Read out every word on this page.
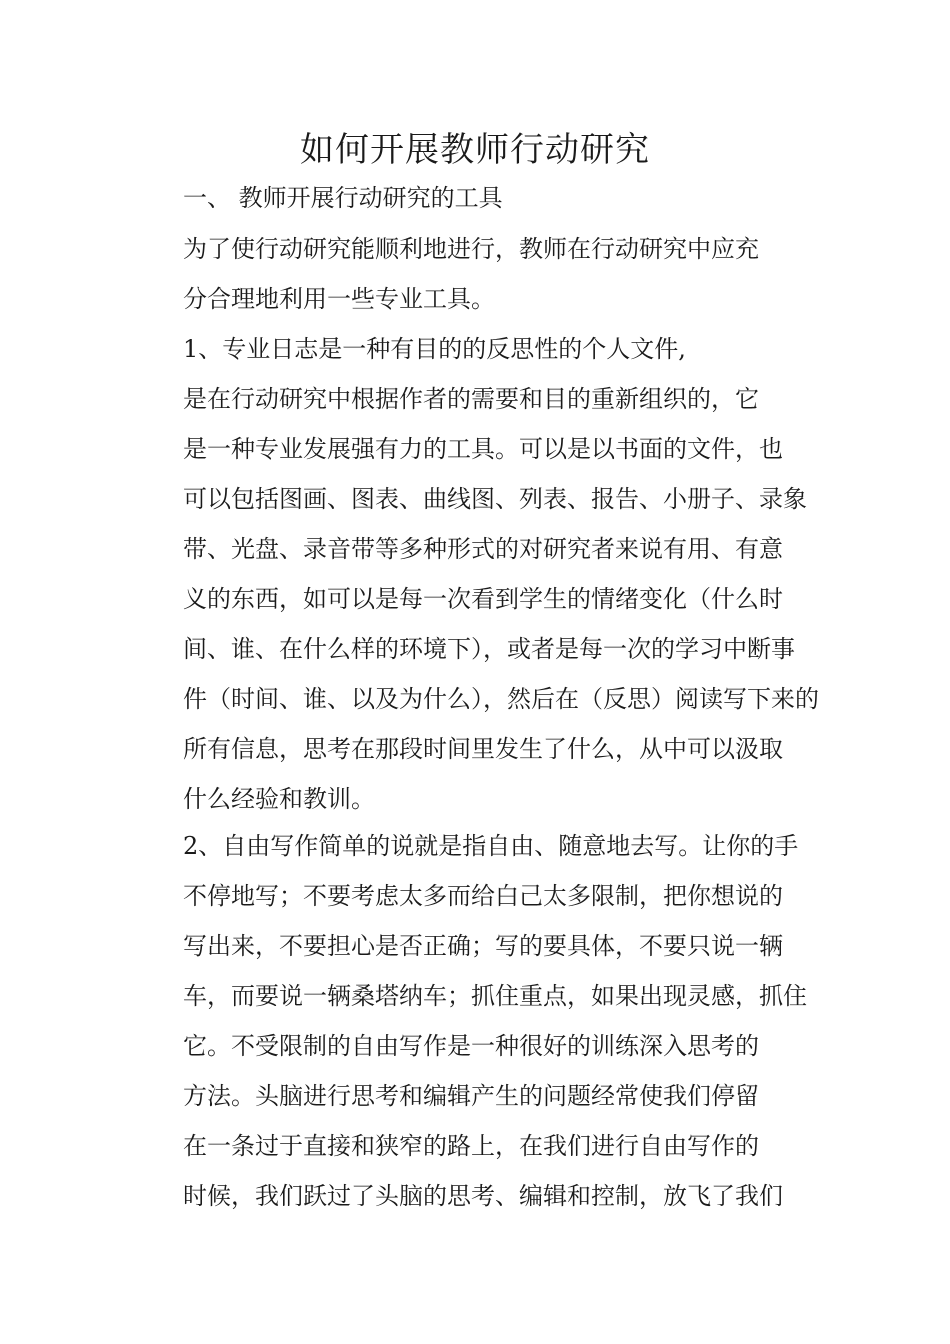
如何开展教师行动研究

一、 教师开展行动研究的工具

为了使行动研究能顺利地进行，教师在行动研究中应充

分合理地利用一些专业工具。

1、专业日志是一种有目的的反思性的个人文件,

是在行动研究中根据作者的需要和目的重新组织的，它

是一种专业发展强有力的工具。可以是以书面的文件，也

可以包括图画、图表、曲线图、列表、报告、小册子、录象

带、光盘、录音带等多种形式的对研究者来说有用、有意

义的东西，如可以是每一次看到学生的情绪变化（什么时

间、谁、在什么样的环境下），或者是每一次的学习中断事

件（时间、谁、以及为什么），然后在（反思）阅读写下来的

所有信息，思考在那段时间里发生了什么，从中可以汲取

什么经验和教训。

2、自由写作简单的说就是指自由、随意地去写。让你的手

不停地写；不要考虑太多而给白己太多限制，把你想说的

写出来，不要担心是否正确；写的要具体，不要只说一辆

车，而要说一辆桑塔纳车；抓住重点，如果出现灵感，抓住

它。不受限制的自由写作是一种很好的训练深入思考的

方法。头脑进行思考和编辑产生的问题经常使我们停留

在一条过于直接和狭窄的路上，在我们进行自由写作的

时候，我们跃过了头脑的思考、编辑和控制，放飞了我们
